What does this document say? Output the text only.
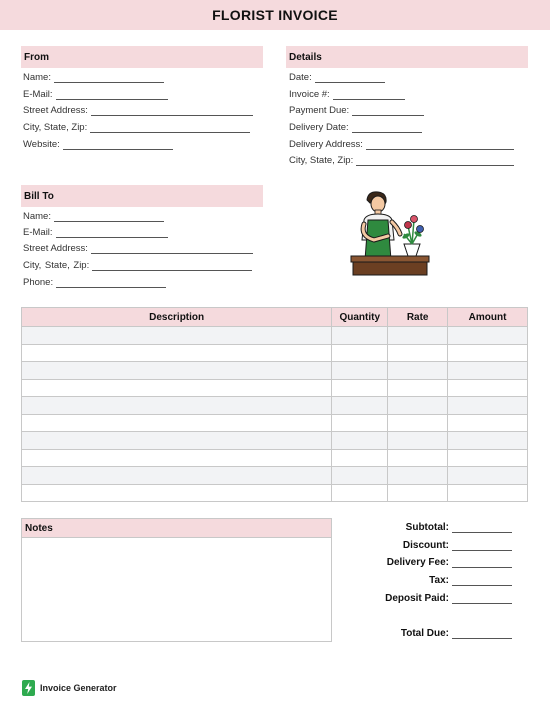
FLORIST INVOICE
From
Name:
E-Mail:
Street Address:
City, State, Zip:
Website:
Details
Date:
Invoice #:
Payment Due:
Delivery Date:
Delivery Address:
City, State, Zip:
Bill To
Name:
E-Mail:
Street Address:
City, State, Zip:
Phone:
Description	Quantity	Rate	Amount

Notes	Subtotal:
Discount:
Delivery Fee:
Tax:
Deposit Paid:
Total Due:
Invoice Generator
